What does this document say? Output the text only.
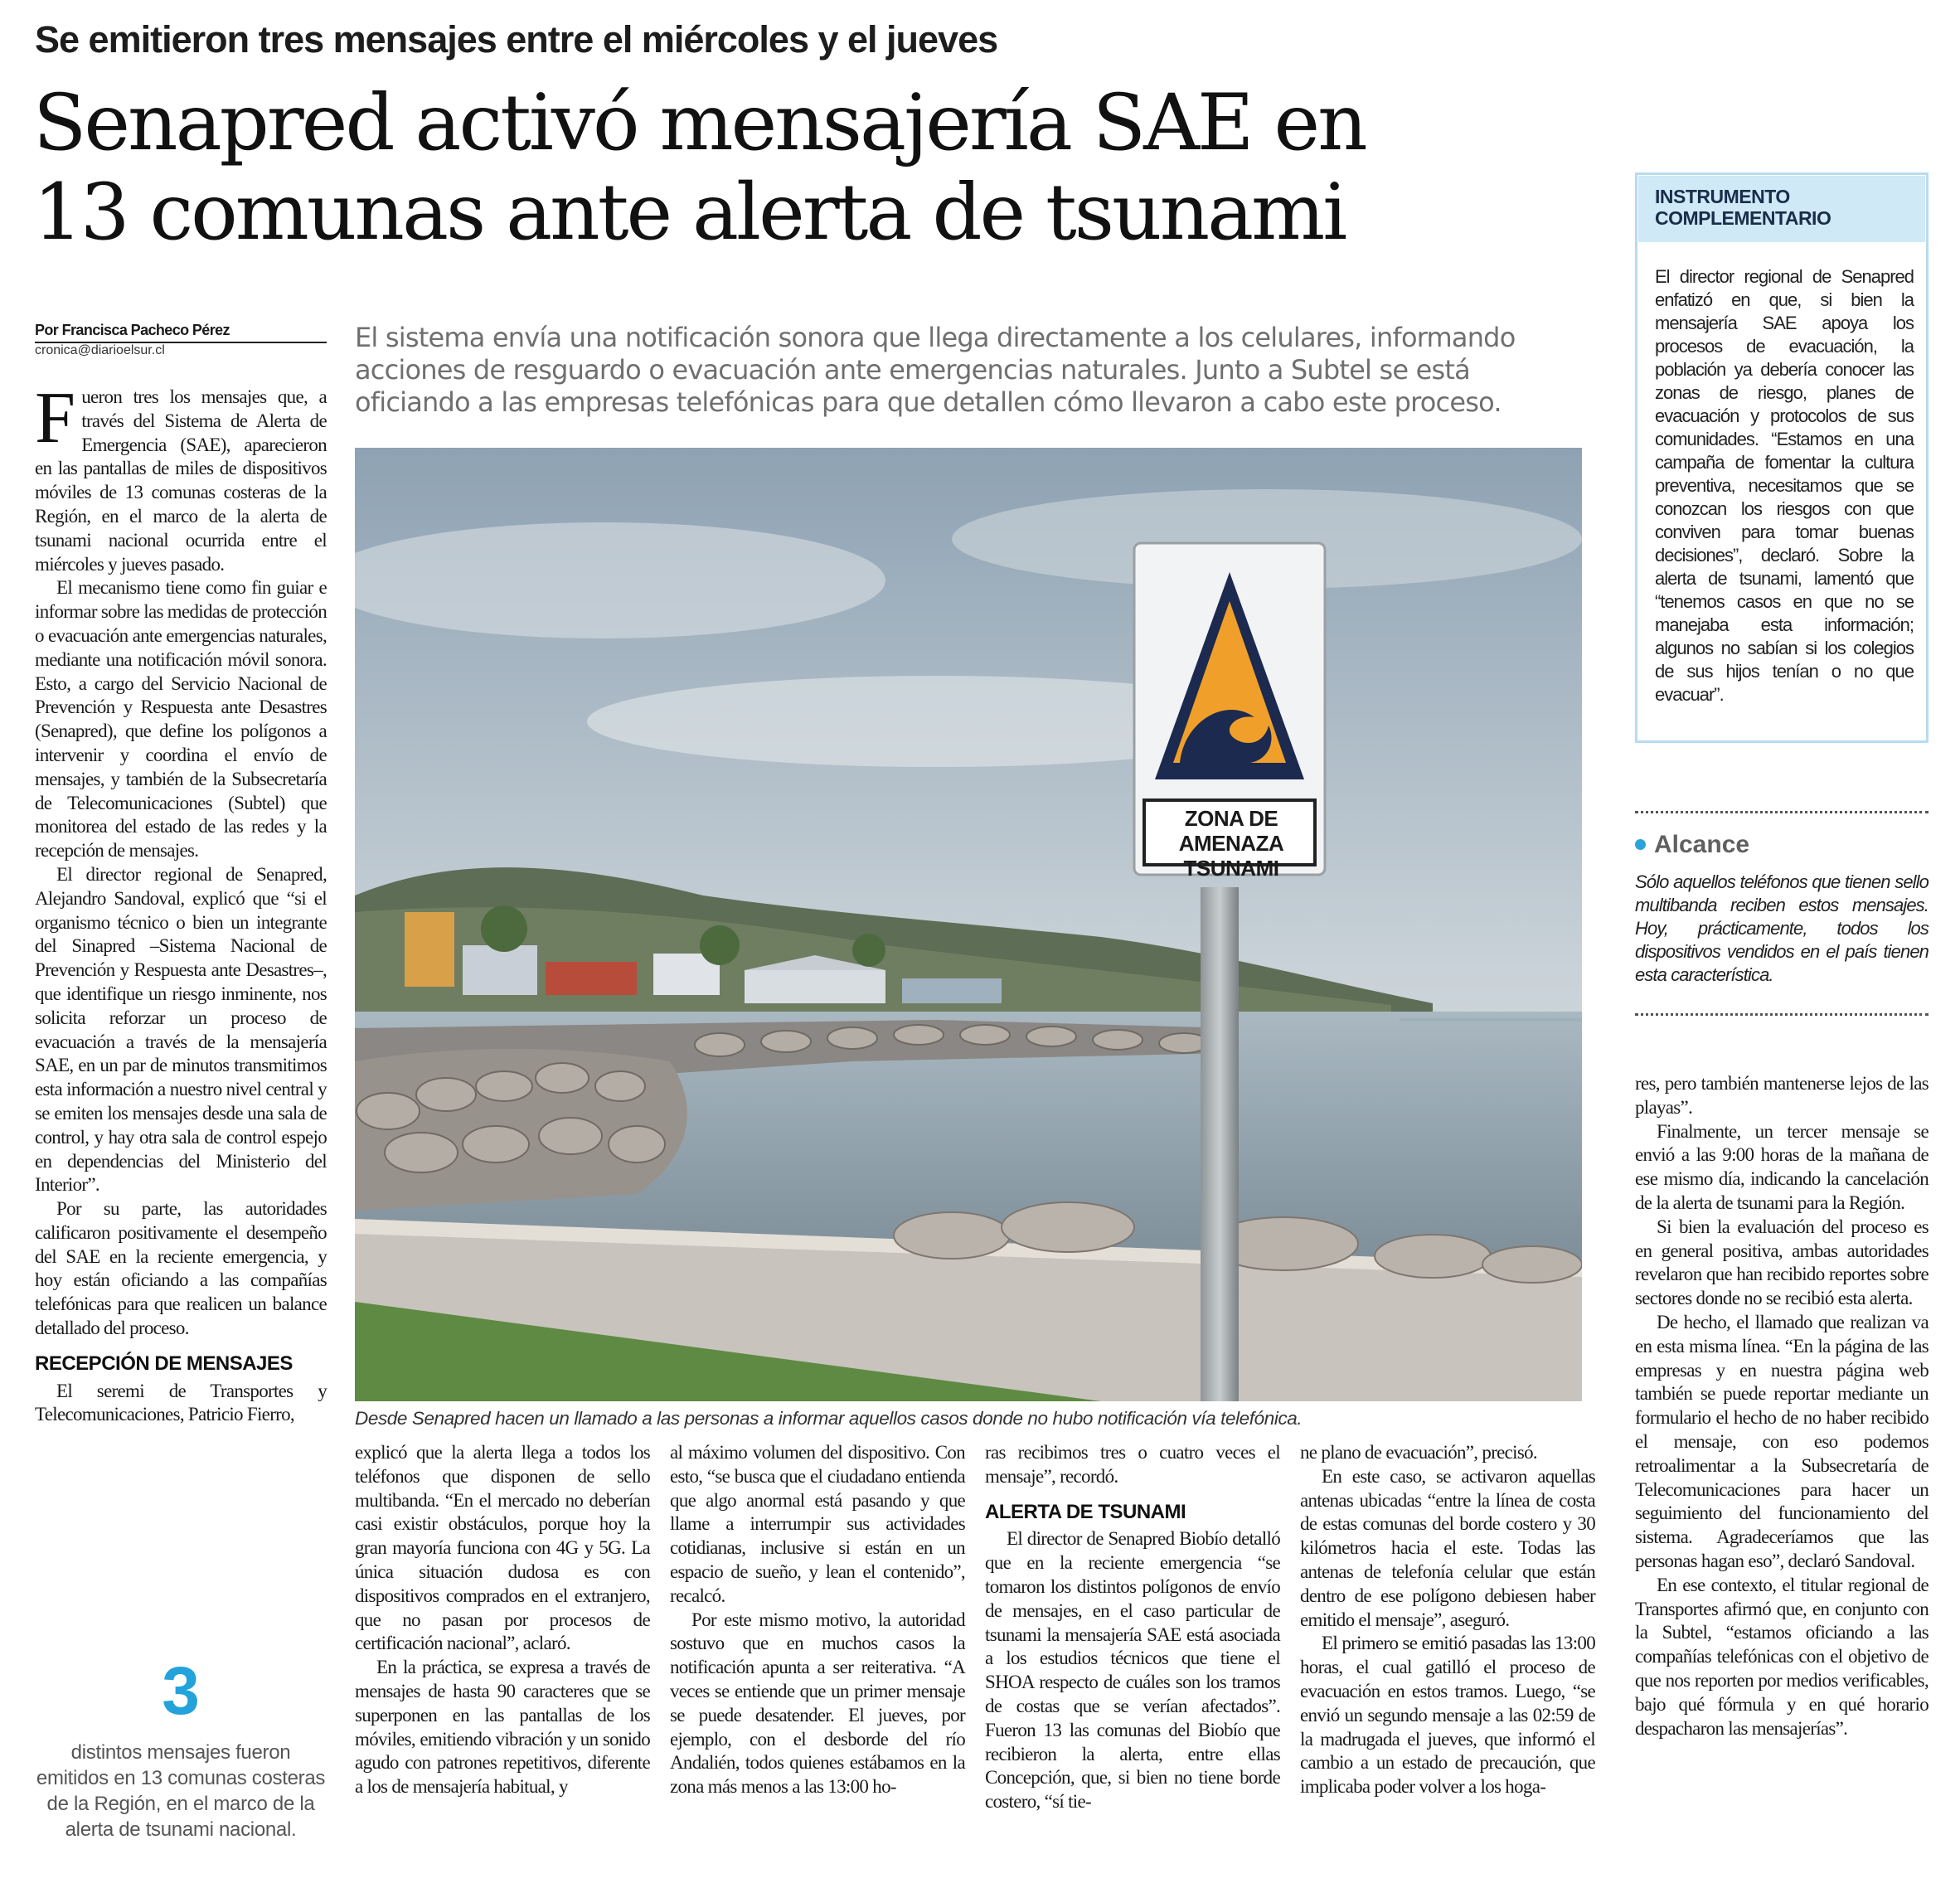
Se emitieron tres mensajes entre el miércoles y el jueves
Senapred activó mensajería SAE en
13 comunas ante alerta de tsunami
Por Francisca Pacheco Pérez
cronica@diarioelsur.cl	El sistema envía una notificación sonora que llega directamente a los celulares, informando acciones de resguardo o evacuación ante emergencias naturales. Junto a Subtel se está oficiando a las empresas telefónicas para que detallen cómo llevaron a cabo este proceso.

Fueron tres los mensajes que, a través del Sistema de Alerta de Emergencia (SAE), aparecieron en las pantallas de miles de dispositivos móviles de 13 comunas costeras de la Región, en el marco de la alerta de tsunami nacional ocurrida entre el miércoles y jueves pasado.

El mecanismo tiene como fin guiar e informar sobre las medidas de protección o evacuación ante emergencias naturales, mediante una notificación móvil sonora. Esto, a cargo del Servicio Nacional de Prevención y Respuesta ante Desastres (Senapred), que define los polígonos a intervenir y coordina el envío de mensajes, y también de la Subsecretaría de Telecomunicaciones (Subtel) que monitorea del estado de las redes y la recepción de mensajes.

El director regional de Senapred, Alejandro Sandoval, explicó que “si el organismo técnico o bien un integrante del Sinapred –Sistema Nacional de Prevención y Respuesta ante Desastres–, que identifique un riesgo inminente, nos solicita reforzar un proceso de evacuación a través de la mensajería SAE, en un par de minutos transmitimos esta información a nuestro nivel central y se emiten los mensajes desde una sala de control, y hay otra sala de control espejo en dependencias del Ministerio del Interior”.

Por su parte, las autoridades calificaron positivamente el desempeño del SAE en la reciente emergencia, y hoy están oficiando a las compañías telefónicas para que realicen un balance detallado del proceso.

RECEPCIÓN DE MENSAJES

El seremi de Transportes y Telecomunicaciones, Patricio Fierro,

3
distintos mensajes fueron emitidos en 13 comunas costeras de la Región, en el marco de la alerta de tsunami nacional.
ZONA DE AMENAZA
TSUNAMI
Desde Senapred hacen un llamado a las personas a informar aquellos casos donde no hubo notificación vía telefónica.

explicó que la alerta llega a todos los teléfonos que disponen de sello multibanda. “En el mercado no deberían casi existir obstáculos, porque hoy la gran mayoría funciona con 4G y 5G. La única situación dudosa es con dispositivos comprados en el extranjero, que no pasan por procesos de certificación nacional”, aclaró.

En la práctica, se expresa a través de mensajes de hasta 90 caracteres que se superponen en las pantallas de los móviles, emitiendo vibración y un sonido agudo con patrones repetitivos, diferente a los de mensajería habitual, y

al máximo volumen del dispositivo. Con esto, “se busca que el ciudadano entienda que algo anormal está pasando y que llame a interrumpir sus actividades cotidianas, inclusive si están en un espacio de sueño, y lean el contenido”, recalcó.

Por este mismo motivo, la autoridad sostuvo que en muchos casos la notificación apunta a ser reiterativa. “A veces se entiende que un primer mensaje se puede desatender. El jueves, por ejemplo, con el desborde del río Andalién, todos quienes estábamos en la zona más menos a las 13:00 ho-

ras recibimos tres o cuatro veces el mensaje”, recordó.

ALERTA DE TSUNAMI

El director de Senapred Biobío detalló que en la reciente emergencia “se tomaron los distintos polígonos de envío de mensajes, en el caso particular de tsunami la mensajería SAE está asociada a los estudios técnicos que tiene el SHOA respecto de cuáles son los tramos de costas que se verían afectados”. Fueron 13 las comunas del Biobío que recibieron la alerta, entre ellas Concepción, que, si bien no tiene borde costero, “sí tie-

ne plano de evacuación”, precisó.

En este caso, se activaron aquellas antenas ubicadas “entre la línea de costa de estas comunas del borde costero y 30 kilómetros hacia el este. Todas las antenas de telefonía celular que están dentro de ese polígono debiesen haber emitido el mensaje”, aseguró.

El primero se emitió pasadas las 13:00 horas, el cual gatilló el proceso de evacuación en estos tramos. Luego, “se envió un segundo mensaje a las 02:59 de la madrugada el jueves, que informó el cambio a un estado de precaución, que implicaba poder volver a los hoga-

INSTRUMENTO COMPLEMENTARIO
El director regional de Senapred enfatizó en que, si bien la mensajería SAE apoya los procesos de evacuación, la población ya debería conocer las zonas de riesgo, planes de evacuación y protocolos de sus comunidades. “Estamos en una campaña de fomentar la cultura preventiva, necesitamos que se conozcan los riesgos con que conviven para tomar buenas decisiones”, declaró. Sobre la alerta de tsunami, lamentó que “tenemos casos en que no se manejaba esta información; algunos no sabían si los colegios de sus hijos tenían o no que evacuar”.
Alcance
Sólo aquellos teléfonos que tienen sello multibanda reciben estos mensajes. Hoy, prácticamente, todos los dispositivos vendidos en el país tienen esta característica.

res, pero también mantenerse lejos de las playas”.

Finalmente, un tercer mensaje se envió a las 9:00 horas de la mañana de ese mismo día, indicando la cancelación de la alerta de tsunami para la Región.

Si bien la evaluación del proceso es en general positiva, ambas autoridades revelaron que han recibido reportes sobre sectores donde no se recibió esta alerta.

De hecho, el llamado que realizan va en esta misma línea. “En la página de las empresas y en nuestra página web también se puede reportar mediante un formulario el hecho de no haber recibido el mensaje, con eso podemos retroalimentar a la Subsecretaría de Telecomunicaciones para hacer un seguimiento del funcionamiento del sistema. Agradeceríamos que las personas hagan eso”, declaró Sandoval.

En ese contexto, el titular regional de Transportes afirmó que, en conjunto con la Subtel, “estamos oficiando a las compañías telefónicas con el objetivo de que nos reporten por medios verificables, bajo qué fórmula y en qué horario despacharon las mensajerías”.
